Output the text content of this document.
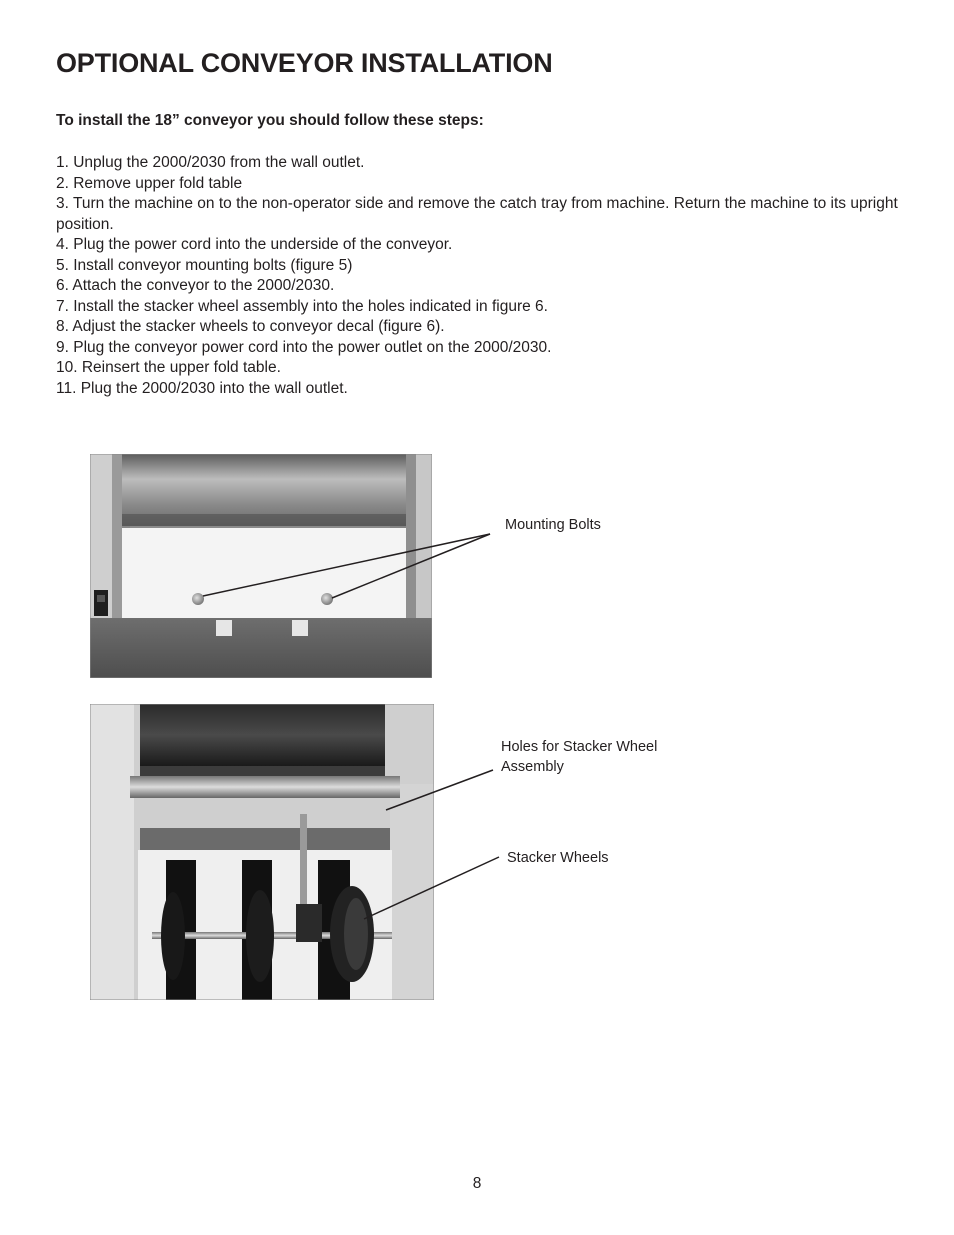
OPTIONAL CONVEYOR INSTALLATION

To install the 18” conveyor you should follow these steps:

1. Unplug the 2000/2030 from the wall outlet.
2. Remove upper fold table
3. Turn the machine on to the non-operator side and remove the catch tray from machine. Return the machine to its upright position.
4. Plug the power cord into the underside of the conveyor.
5. Install conveyor mounting bolts (figure 5)
6. Attach the conveyor to the 2000/2030.
7. Install the stacker wheel assembly into the holes indicated in figure 6.
8. Adjust the stacker wheels to conveyor decal (figure 6).
9. Plug the conveyor power cord into the power outlet on the 2000/2030.
10. Reinsert the upper fold table.
11. Plug the 2000/2030 into the wall outlet.

Mounting Bolts

Holes for Stacker Wheel Assembly

Stacker Wheels

8
